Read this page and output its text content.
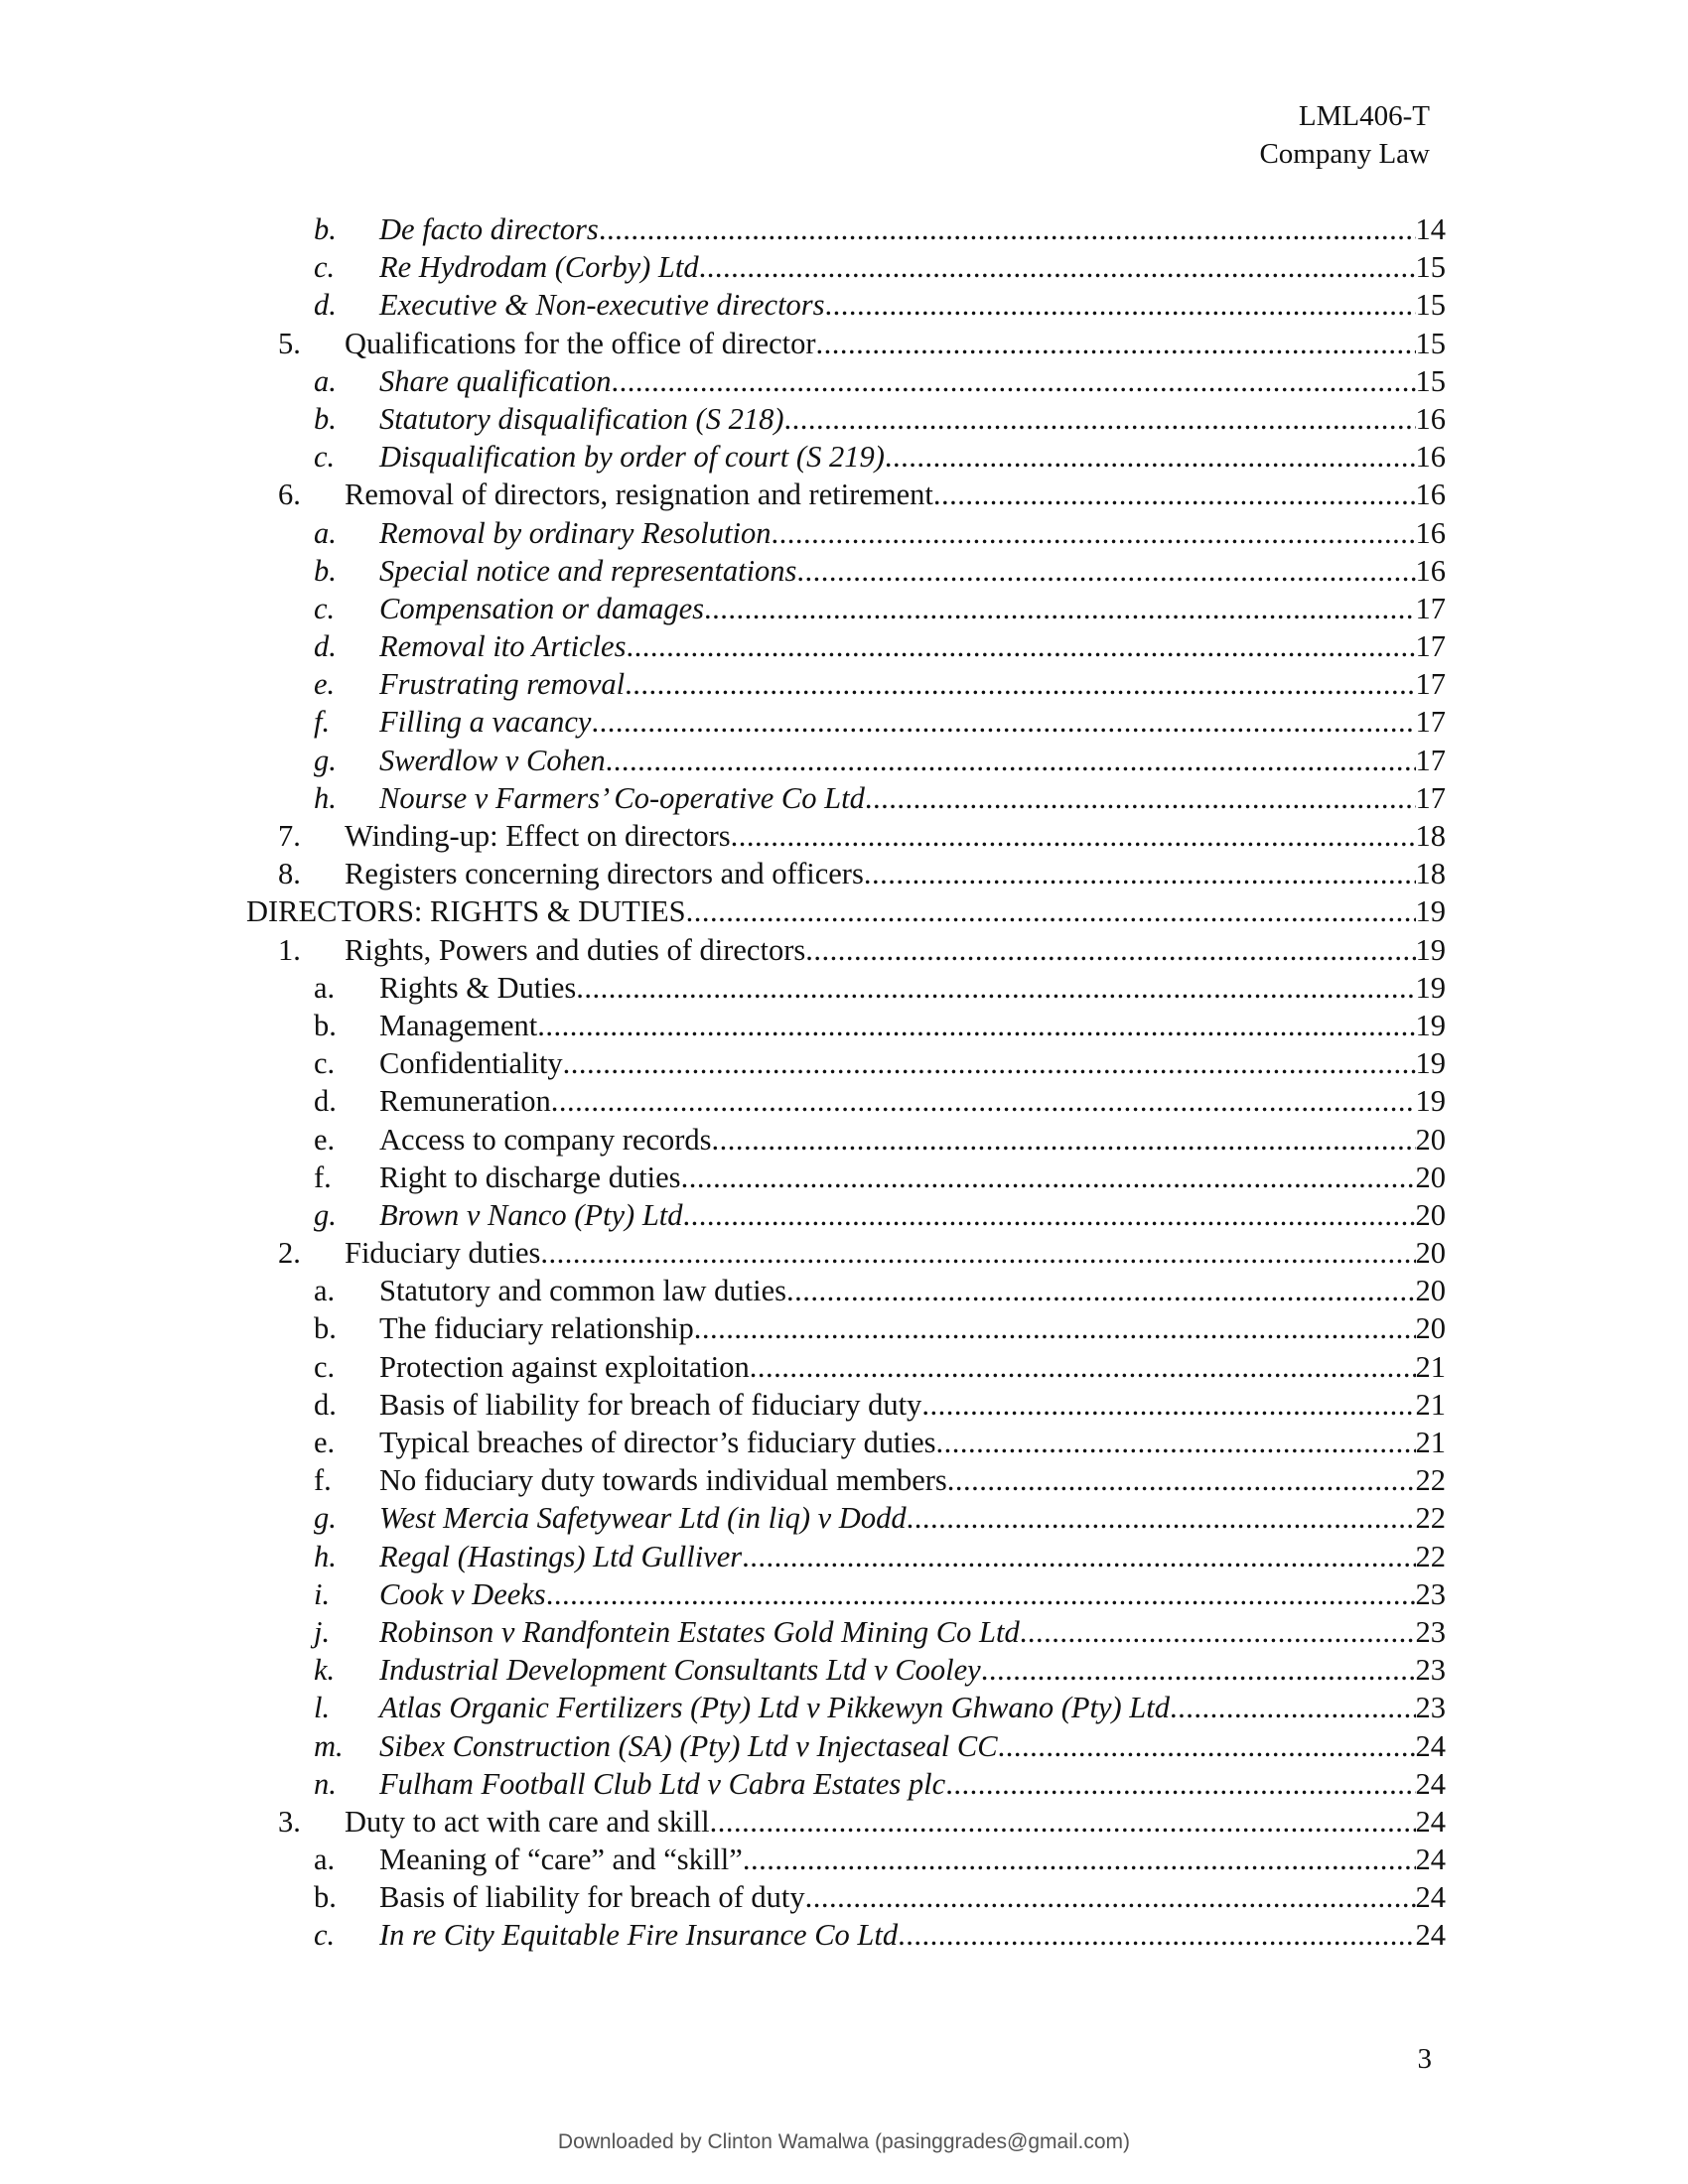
LML406-T
Company Law
b. De facto directors .....	14
c. Re Hydrodam (Corby) Ltd .....	15
d. Executive & Non-executive directors .....	15
5. Qualifications for the office of director .....	15
a. Share qualification .....	15
b. Statutory disqualification (S 218) .....	16
c. Disqualification by order of court (S 219) .....	16
6. Removal of directors, resignation and retirement .....	16
a. Removal by ordinary Resolution .....	16
b. Special notice and representations .....	16
c. Compensation or damages .....	17
d. Removal ito Articles .....	17
e. Frustrating removal .....	17
f. Filling a vacancy .....	17
g. Swerdlow v Cohen .....	17
h. Nourse v Farmers’ Co-operative Co Ltd .....	17
7. Winding-up: Effect on directors .....	18
8. Registers concerning directors and officers .....	18
DIRECTORS: RIGHTS & DUTIES .....	19
1. Rights, Powers and duties of directors .....	19
a. Rights & Duties .....	19
b. Management .....	19
c. Confidentiality .....	19
d. Remuneration .....	19
e. Access to company records .....	20
f. Right to discharge duties .....	20
g. Brown v Nanco (Pty) Ltd .....	20
2. Fiduciary duties .....	20
a. Statutory and common law duties .....	20
b. The fiduciary relationship .....	20
c. Protection against exploitation .....	21
d. Basis of liability for breach of fiduciary duty .....	21
e. Typical breaches of director’s fiduciary duties .....	21
f. No fiduciary duty towards individual members .....	22
g. West Mercia Safetywear Ltd (in liq) v Dodd .....	22
h. Regal (Hastings) Ltd Gulliver .....	22
i. Cook v Deeks .....	23
j. Robinson v Randfontein Estates Gold Mining Co Ltd .....	23
k. Industrial Development Consultants Ltd v Cooley .....	23
l. Atlas Organic Fertilizers (Pty) Ltd v Pikkewyn Ghwano (Pty) Ltd .....	23
m. Sibex Construction (SA) (Pty) Ltd v Injectaseal CC .....	24
n. Fulham Football Club Ltd v Cabra Estates plc .....	24
3. Duty to act with care and skill .....	24
a. Meaning of “care” and “skill” .....	24
b. Basis of liability for breach of duty .....	24
c. In re City Equitable Fire Insurance Co Ltd .....	24
3
Downloaded by Clinton Wamalwa (pasinggrades@gmail.com)
